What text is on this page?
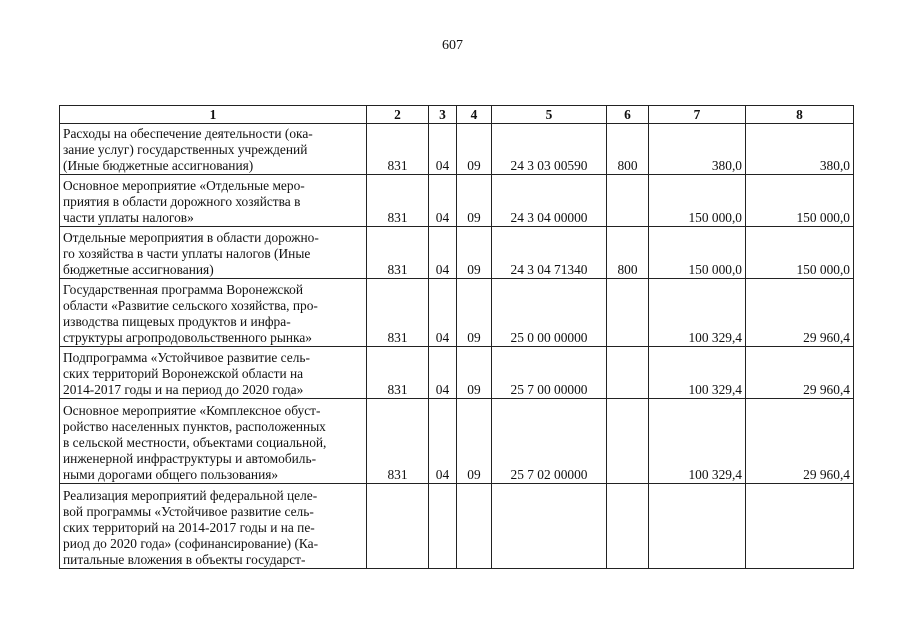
607
1	2	3	4	5	6	7	8
Расходы на обеспечение деятельности (ока-
зание услуг) государственных учреждений
(Иные бюджетные ассигнования)	831	04	09	24 3 03 00590	800	380,0	380,0
Основное мероприятие «Отдельные меро-
приятия в области дорожного хозяйства в
части уплаты налогов»	831	04	09	24 3 04 00000		150 000,0	150 000,0
Отдельные мероприятия в области дорожно-
го хозяйства в части уплаты налогов (Иные
бюджетные ассигнования)	831	04	09	24 3 04 71340	800	150 000,0	150 000,0
Государственная программа Воронежской
области «Развитие сельского хозяйства, про-
изводства пищевых продуктов и инфра-
структуры агропродовольственного рынка»	831	04	09	25 0 00 00000		100 329,4	29 960,4
Подпрограмма «Устойчивое развитие сель-
ских территорий Воронежской области на
2014-2017 годы и на период до 2020 года»	831	04	09	25 7 00 00000		100 329,4	29 960,4
Основное мероприятие «Комплексное обуст-
ройство населенных пунктов, расположенных
в сельской местности, объектами социальной,
инженерной инфраструктуры и автомобиль-
ными дорогами общего пользования»	831	04	09	25 7 02 00000		100 329,4	29 960,4
Реализация мероприятий федеральной целе-
вой программы «Устойчивое развитие сель-
ских территорий на 2014-2017 годы и на пе-
риод до 2020 года» (софинансирование) (Ка-
питальные вложения в объекты государст-							
